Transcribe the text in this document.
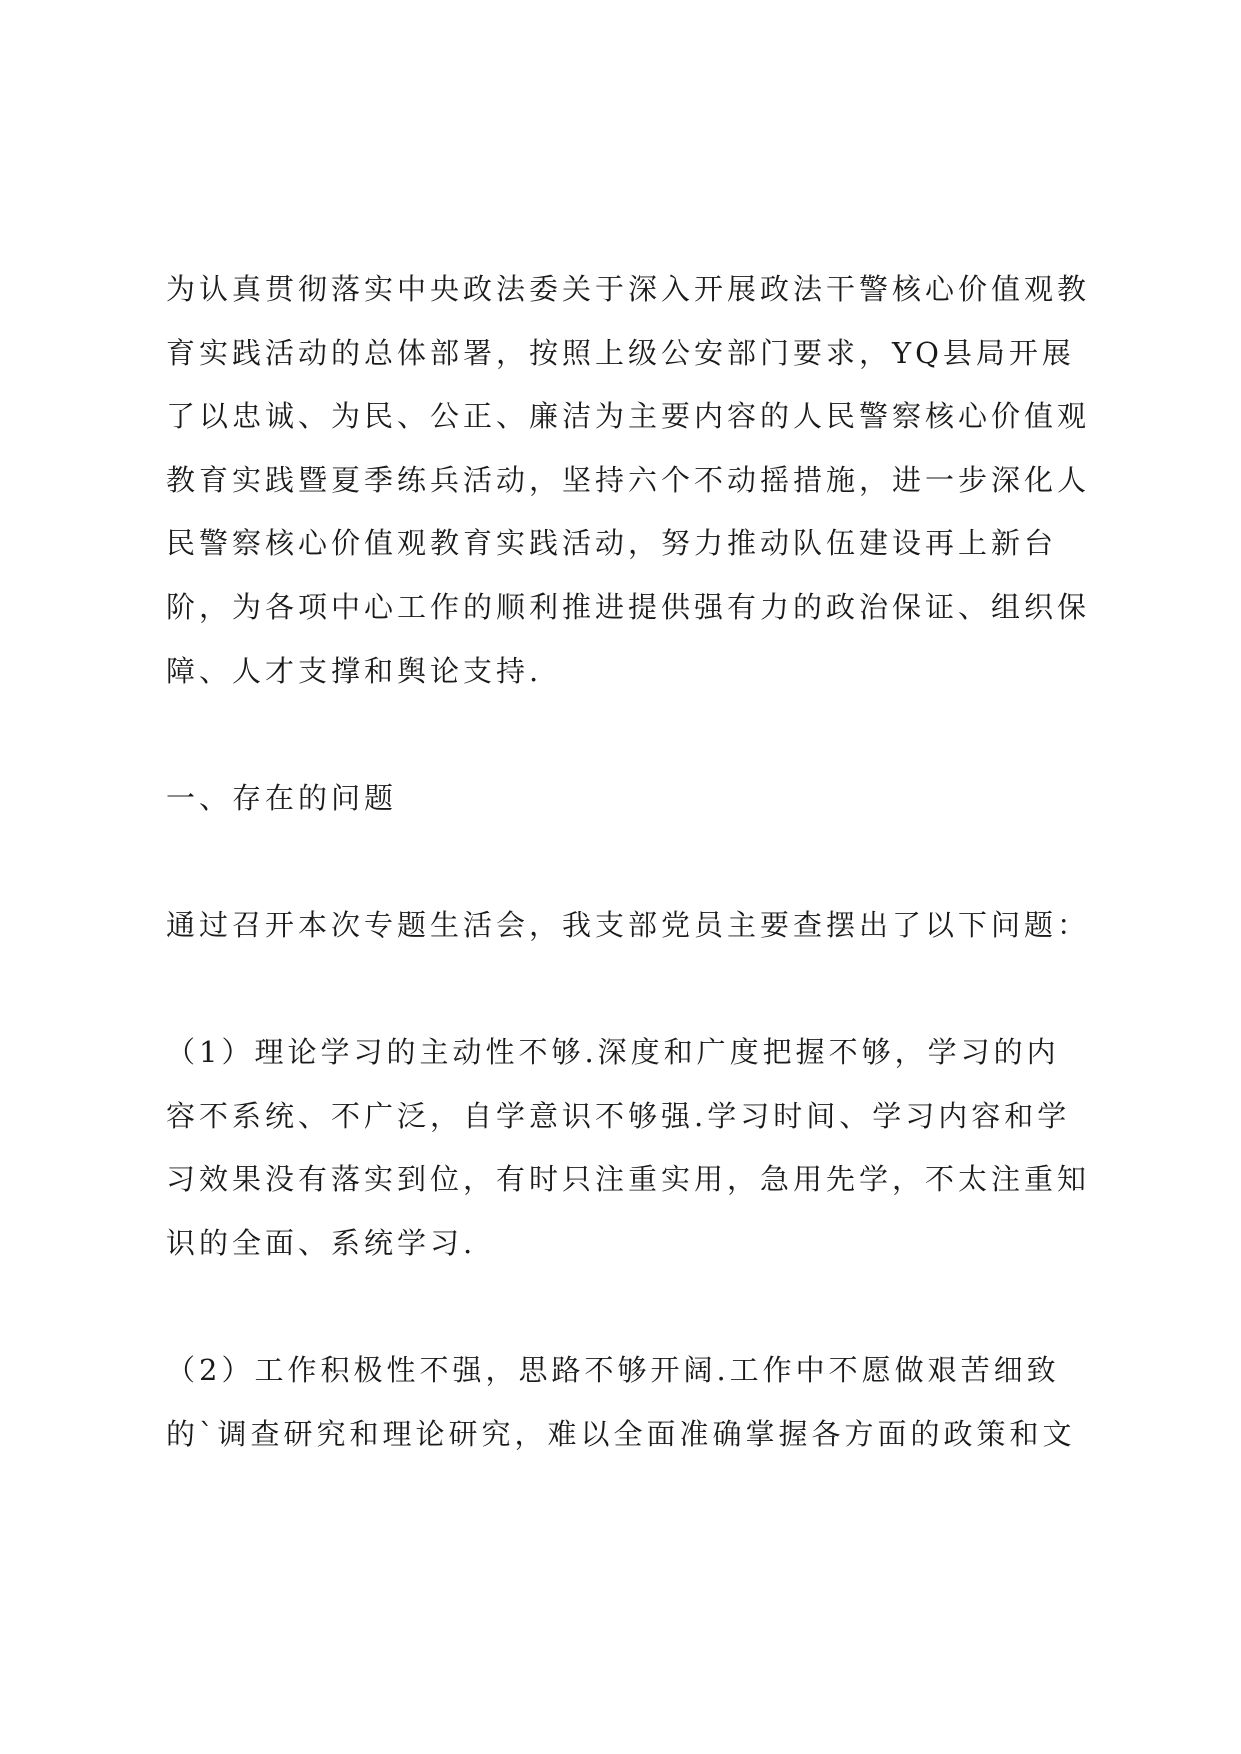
为认真贯彻落实中央政法委关于深入开展政法干警核心价值观教
育实践活动的总体部署，按照上级公安部门要求，YQ县局开展
了以忠诚、为民、公正、廉洁为主要内容的人民警察核心价值观
教育实践暨夏季练兵活动，坚持六个不动摇措施，进一步深化人
民警察核心价值观教育实践活动，努力推动队伍建设再上新台
阶，为各项中心工作的顺利推进提供强有力的政治保证、组织保
障、人才支撑和舆论支持.
一、存在的问题
通过召开本次专题生活会，我支部党员主要查摆出了以下问题：
（1）理论学习的主动性不够.深度和广度把握不够，学习的内
容不系统、不广泛，自学意识不够强.学习时间、学习内容和学
习效果没有落实到位，有时只注重实用，急用先学，不太注重知
识的全面、系统学习.
（2）工作积极性不强，思路不够开阔.工作中不愿做艰苦细致
的`调查研究和理论研究，难以全面准确掌握各方面的政策和文
